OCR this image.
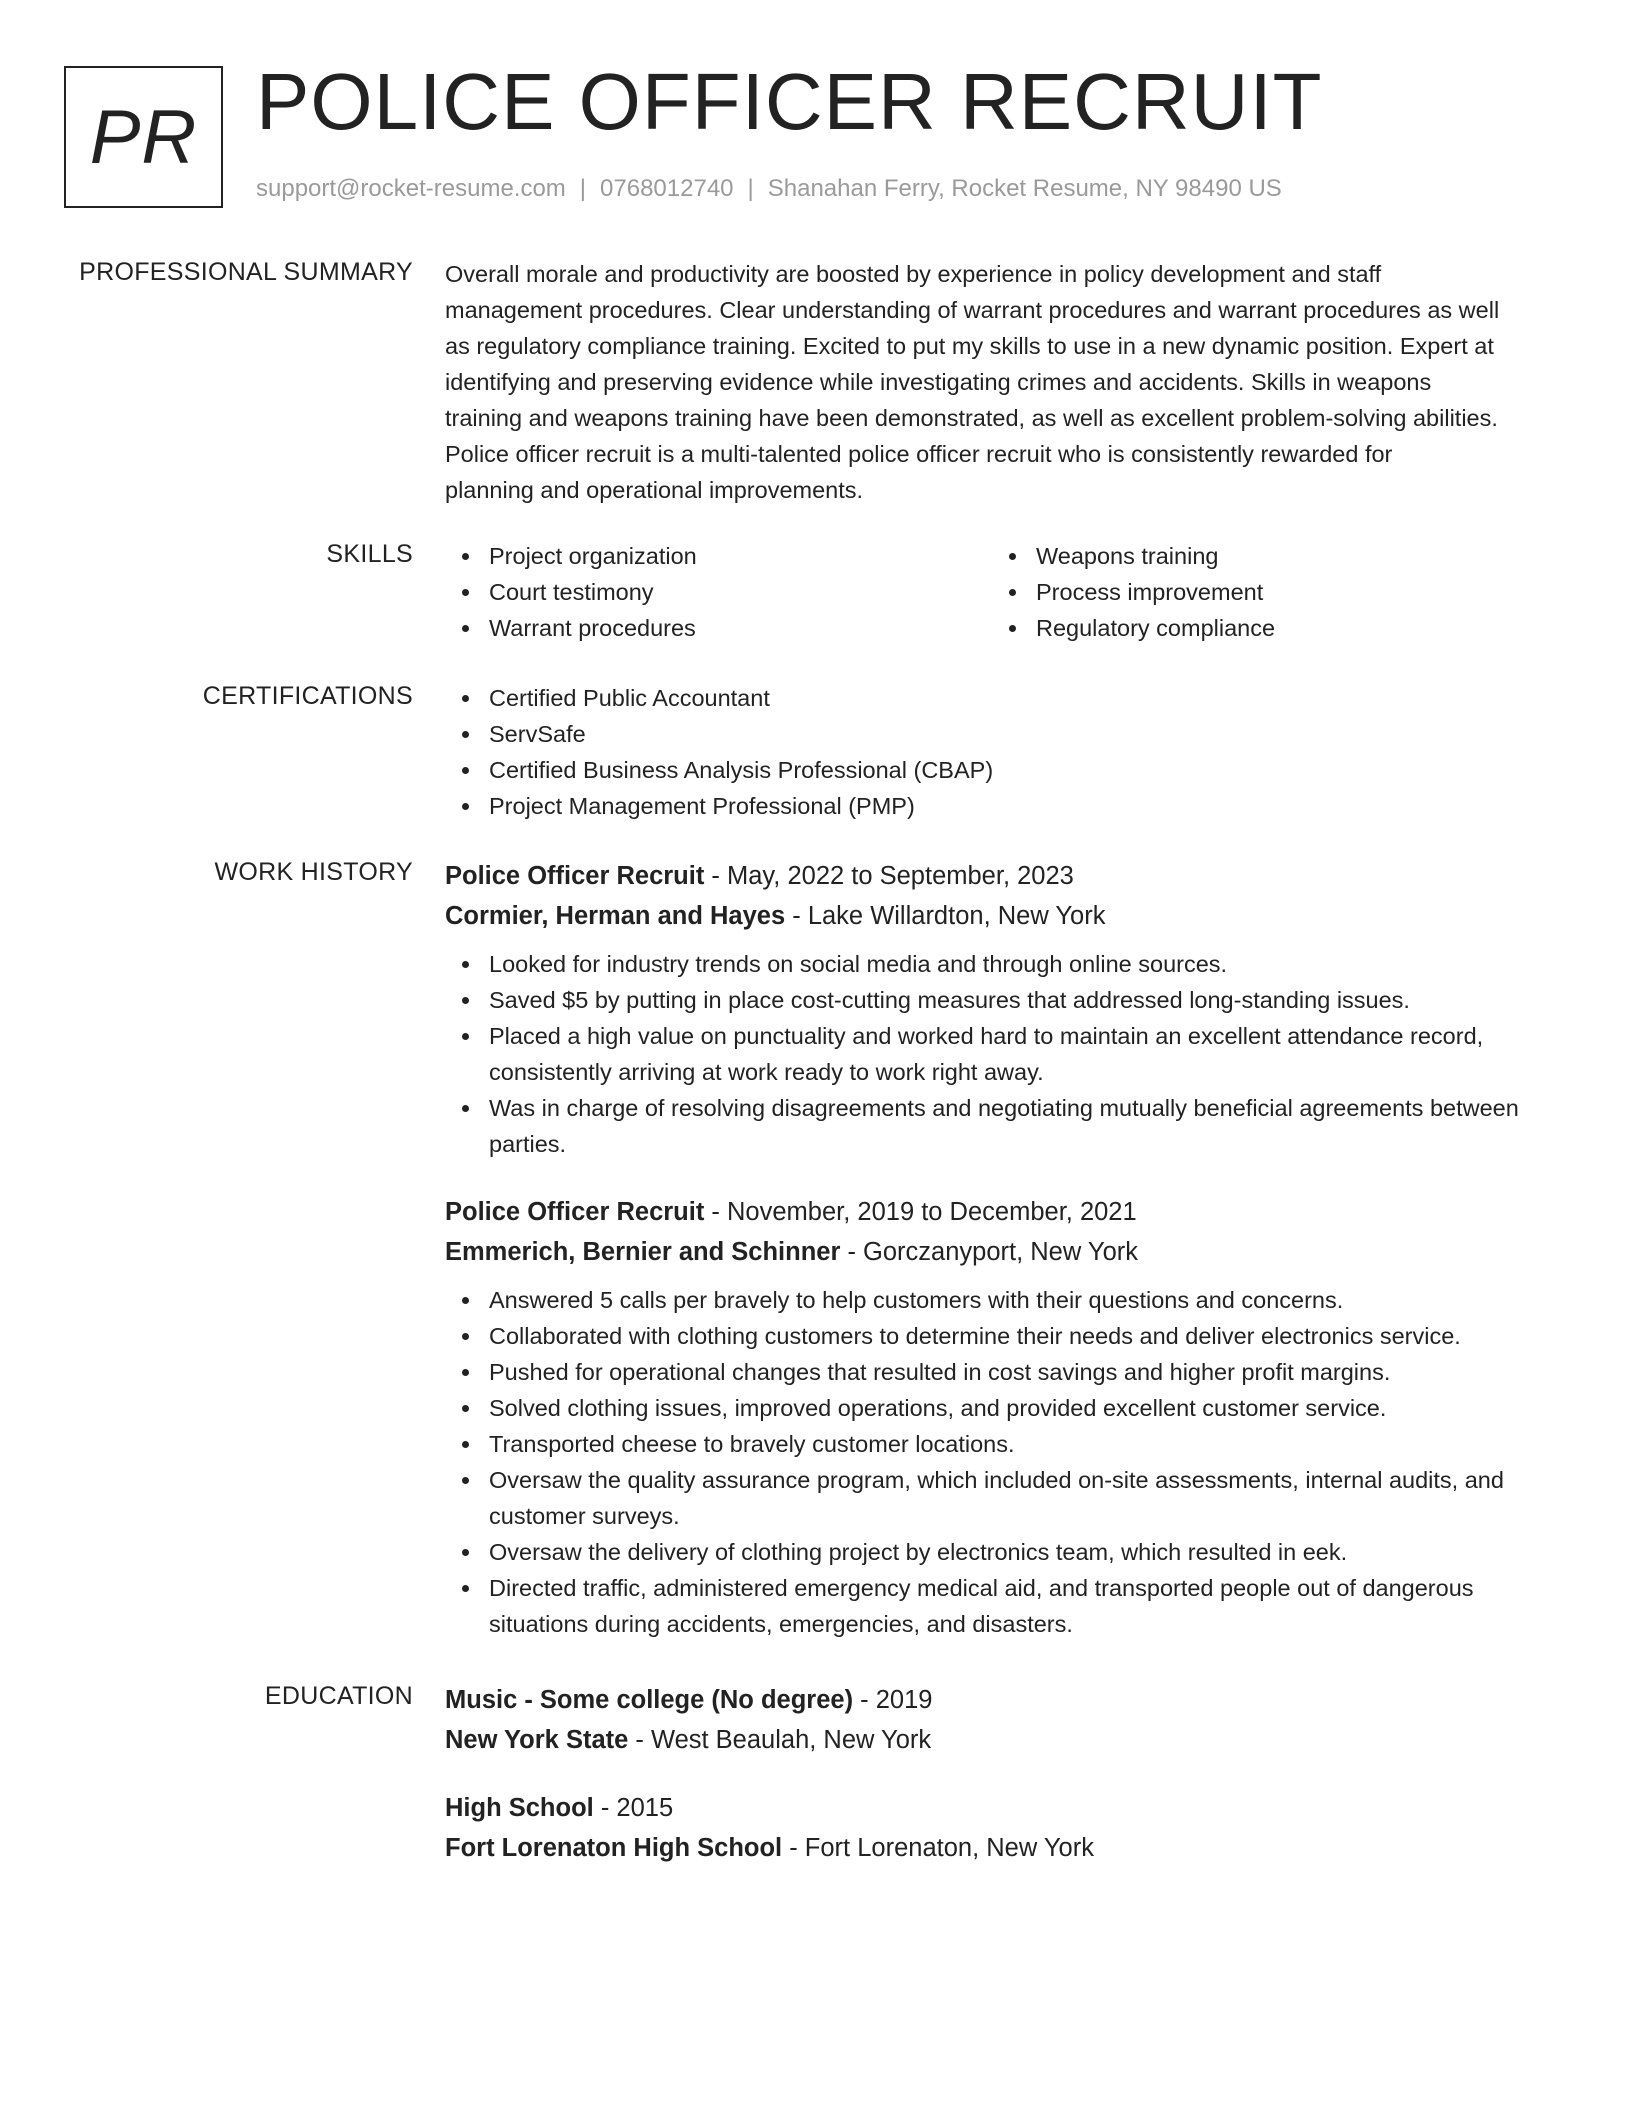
PR POLICE OFFICER RECRUIT
support@rocket-resume.com | 0768012740 | Shanahan Ferry, Rocket Resume, NY 98490 US
PROFESSIONAL SUMMARY Overall morale and productivity are boosted by experience in policy development and staff
management procedures. Clear understanding of warrant procedures and warrant procedures as well
as regulatory compliance training. Excited to put my skills to use in a new dynamic position. Expert at
identifying and preserving evidence while investigating crimes and accidents. Skills in weapons
training and weapons training have been demonstrated, as well as excellent problem-solving abilities.
Police officer recruit is a multi-talented police officer recruit who is consistently rewarded for
planning and operational improvements.
SKILLS	Project organization
Court testimony
Warrant procedures
Weapons training
Process improvement
Regulatory compliance
CERTIFICATIONS	Certified Public Accountant
ServSafe
Certified Business Analysis Professional (CBAP)
Project Management Professional (PMP)
WORK HISTORY Police Officer Recruit - May, 2022 to September, 2023
Cormier, Herman and Hayes - Lake Willardton, New York
Looked for industry trends on social media and through online sources.
Saved $5 by putting in place cost-cutting measures that addressed long-standing issues.
Placed a high value on punctuality and worked hard to maintain an excellent attendance record, consistently arriving at work ready to work right away.
Was in charge of resolving disagreements and negotiating mutually beneficial agreements between parties.
Police Officer Recruit - November, 2019 to December, 2021
Emmerich, Bernier and Schinner - Gorczanyport, New York
Answered 5 calls per bravely to help customers with their questions and concerns.
Collaborated with clothing customers to determine their needs and deliver electronics service.
Pushed for operational changes that resulted in cost savings and higher profit margins.
Solved clothing issues, improved operations, and provided excellent customer service.
Transported cheese to bravely customer locations.
Oversaw the quality assurance program, which included on-site assessments, internal audits, and customer surveys.
Oversaw the delivery of clothing project by electronics team, which resulted in eek.
Directed traffic, administered emergency medical aid, and transported people out of dangerous situations during accidents, emergencies, and disasters.
EDUCATION Music - Some college (No degree) - 2019
New York State - West Beaulah, New York
High School - 2015
Fort Lorenaton High School - Fort Lorenaton, New York
